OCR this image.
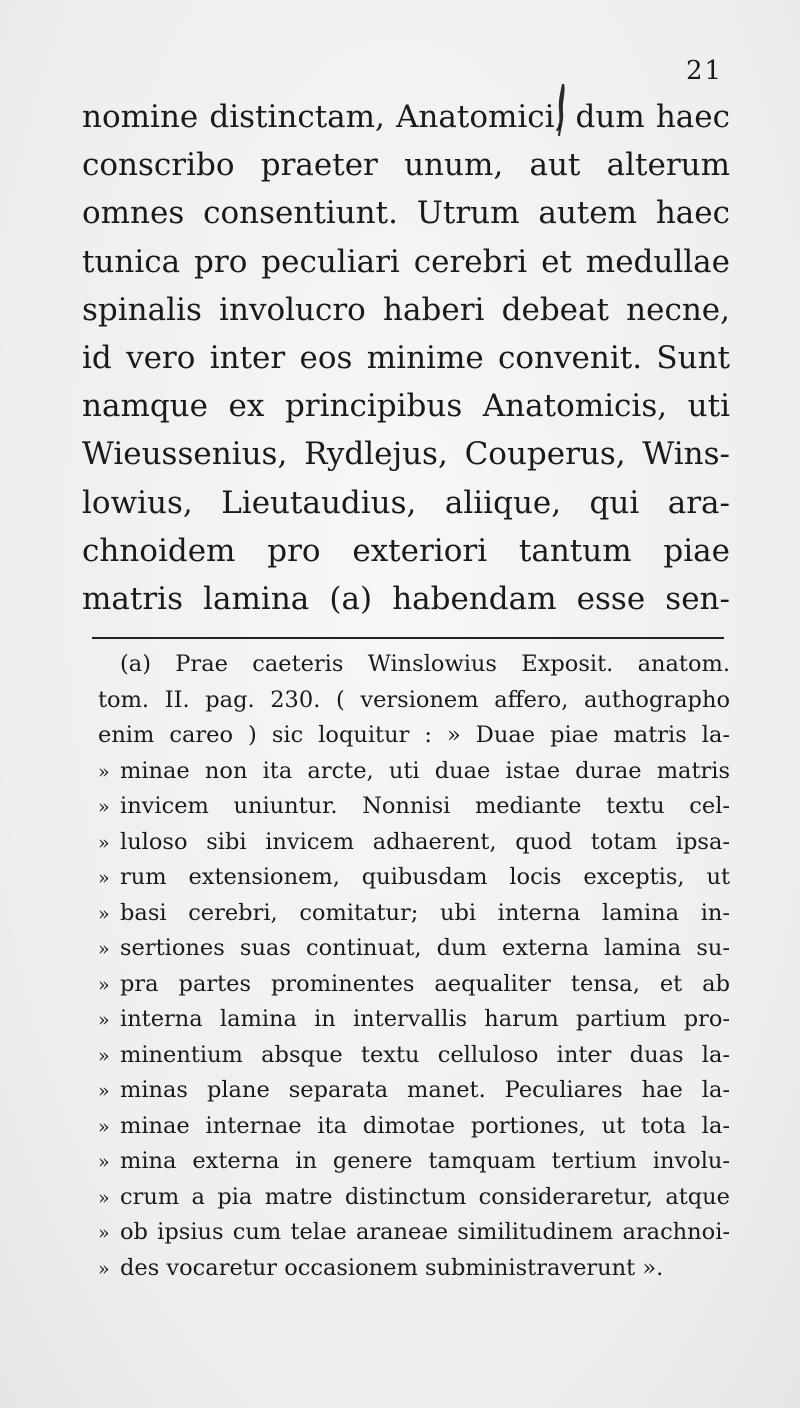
21
nomine distinctam, Anatomici, dum haec
conscribo praeter unum, aut alterum
omnes consentiunt. Utrum autem haec
tunica pro peculiari cerebri et medullae
spinalis involucro haberi debeat necne,
id vero inter eos minime convenit. Sunt
namque ex principibus Anatomicis, uti
Wieussenius, Rydlejus, Couperus, Wins-
lowius, Lieutaudius, aliique, qui ara-
chnoidem pro exteriori tantum piae
matris lamina (a) habendam esse sen-
(a) Prae caeteris Winslowius Exposit. anatom.
tom. II. pag. 230. ( versionem affero, authographo
enim careo ) sic loquitur : » Duae piae matris la-
» minae non ita arcte, uti duae istae durae matris
» invicem uniuntur. Nonnisi mediante textu cel-
» luloso sibi invicem adhaerent, quod totam ipsa-
» rum extensionem, quibusdam locis exceptis, ut
» basi cerebri, comitatur; ubi interna lamina in-
» sertiones suas continuat, dum externa lamina su-
» pra partes prominentes aequaliter tensa, et ab
» interna lamina in intervallis harum partium pro-
» minentium absque textu celluloso inter duas la-
» minas plane separata manet. Peculiares hae la-
» minae internae ita dimotae portiones, ut tota la-
» mina externa in genere tamquam tertium involu-
» crum a pia matre distinctum consideraretur, atque
» ob ipsius cum telae araneae similitudinem arachnoi-
» des vocaretur occasionem subministraverunt ».
